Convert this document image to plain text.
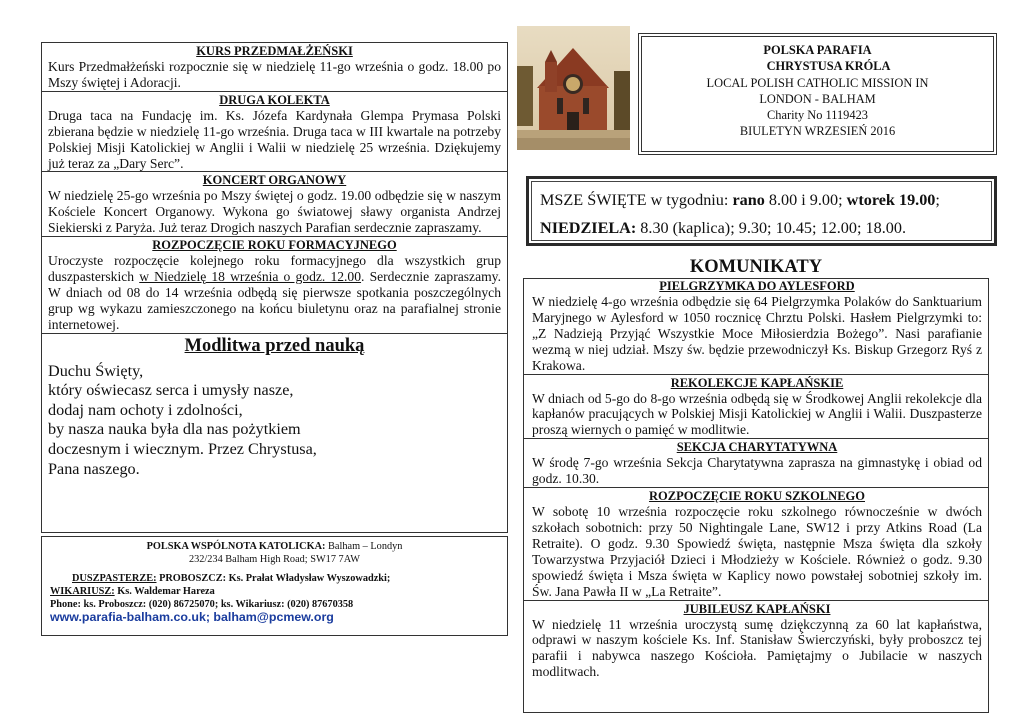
KURS PRZEDMAŁŻEŃSKI
Kurs Przedmałżeński rozpocznie się w niedzielę 11-go września o godz. 18.00 po Mszy świętej i Adoracji.
DRUGA KOLEKTA
Druga taca na Fundację im. Ks. Józefa Kardynała Glempa Prymasa Polski zbierana będzie w niedzielę 11-go września. Druga taca w III kwartale na potrzeby Polskiej Misji Katolickiej w Anglii i Walii w niedzielę 25 września. Dziękujemy już teraz za „Dary Serc”.
KONCERT ORGANOWY
W niedzielę 25-go września po Mszy świętej o godz. 19.00 odbędzie się w naszym Kościele Koncert Organowy. Wykona go światowej sławy organista Andrzej Siekierski z Paryża. Już teraz Drogich naszych Parafian serdecznie zapraszamy.
ROZPOCZĘCIE ROKU FORMACYJNEGO
Uroczyste rozpoczęcie kolejnego roku formacyjnego dla wszystkich grup duszpasterskich w Niedzielę 18 września o godz. 12.00. Serdecznie zapraszamy. W dniach od 08 do 14 września odbędą się pierwsze spotkania poszczególnych grup wg wykazu zamieszczonego na końcu biuletynu oraz na parafialnej stronie internetowej.
Modlitwa przed nauką
Duchu Święty,
który oświecasz serca i umysły nasze,
dodaj nam ochoty i zdolności,
by nasza nauka była dla nas pożytkiem
doczesnym i wiecznym. Przez Chrystusa,
Pana naszego.
POLSKA WSPÓLNOTA KATOLICKA: Balham – Londyn
232/234 Balham High Road; SW17 7AW
DUSZPASTERZE: PROBOSZCZ: Ks. Prałat Władysław Wyszowadzki;
WIKARIUSZ: Ks. Waldemar Hareza
Phone: ks. Proboszcz: (020) 86725070; ks. Wikariusz: (020) 87670358
www.parafia-balham.co.uk; balham@pcmew.org
POLSKA PARAFIA
CHRYSTUSA KRÓLA
LOCAL POLISH CATHOLIC MISSION IN
LONDON - BALHAM
Charity No 1119423
BIULETYN WRZESIEŃ 2016
MSZE ŚWIĘTE w tygodniu: rano 8.00 i 9.00; wtorek 19.00;
NIEDZIELA: 8.30 (kaplica); 9.30; 10.45; 12.00; 18.00.
KOMUNIKATY
PIELGRZYMKA DO AYLESFORD
W niedzielę 4-go września odbędzie się 64 Pielgrzymka Polaków do Sanktuarium Maryjnego w Aylesford w 1050 rocznicę Chrztu Polski. Hasłem Pielgrzymki to: „Z Nadzieją Przyjąć Wszystkie Moce Miłosierdzia Bożego”. Nasi parafianie wezmą w niej udział. Mszy św. będzie przewodniczył Ks. Biskup Grzegorz Ryś z Krakowa.
REKOLEKCJE KAPŁAŃSKIE
W dniach od 5-go do 8-go września odbędą się w Środkowej Anglii rekolekcje dla kapłanów pracujących w Polskiej Misji Katolickiej w Anglii i Walii. Duszpasterze proszą wiernych o pamięć w modlitwie.
SEKCJA CHARYTATYWNA
W środę 7-go września Sekcja Charytatywna zaprasza na gimnastykę i obiad od godz. 10.30.
ROZPOCZĘCIE ROKU SZKOLNEGO
W sobotę 10 września rozpoczęcie roku szkolnego równocześnie w dwóch szkołach sobotnich: przy 50 Nightingale Lane, SW12 i przy Atkins Road (La Retraite). O godz. 9.30 Spowiedź święta, następnie Msza święta dla szkoły Towarzystwa Przyjaciół Dzieci i Młodzieży w Kościele. Również o godz. 9.30 spowiedź święta i Msza święta w Kaplicy nowo powstałej sobotniej szkoły im. Św. Jana Pawła II w „La Retraite”.
JUBILEUSZ KAPŁAŃSKI
W niedzielę 11 września uroczystą sumę dziękczynną za 60 lat kapłaństwa, odprawi w naszym kościele Ks. Inf. Stanisław Świerczyński, były proboszcz tej parafii i nabywca naszego Kościoła. Pamiętajmy o Jubilacie w naszych modlitwach.
